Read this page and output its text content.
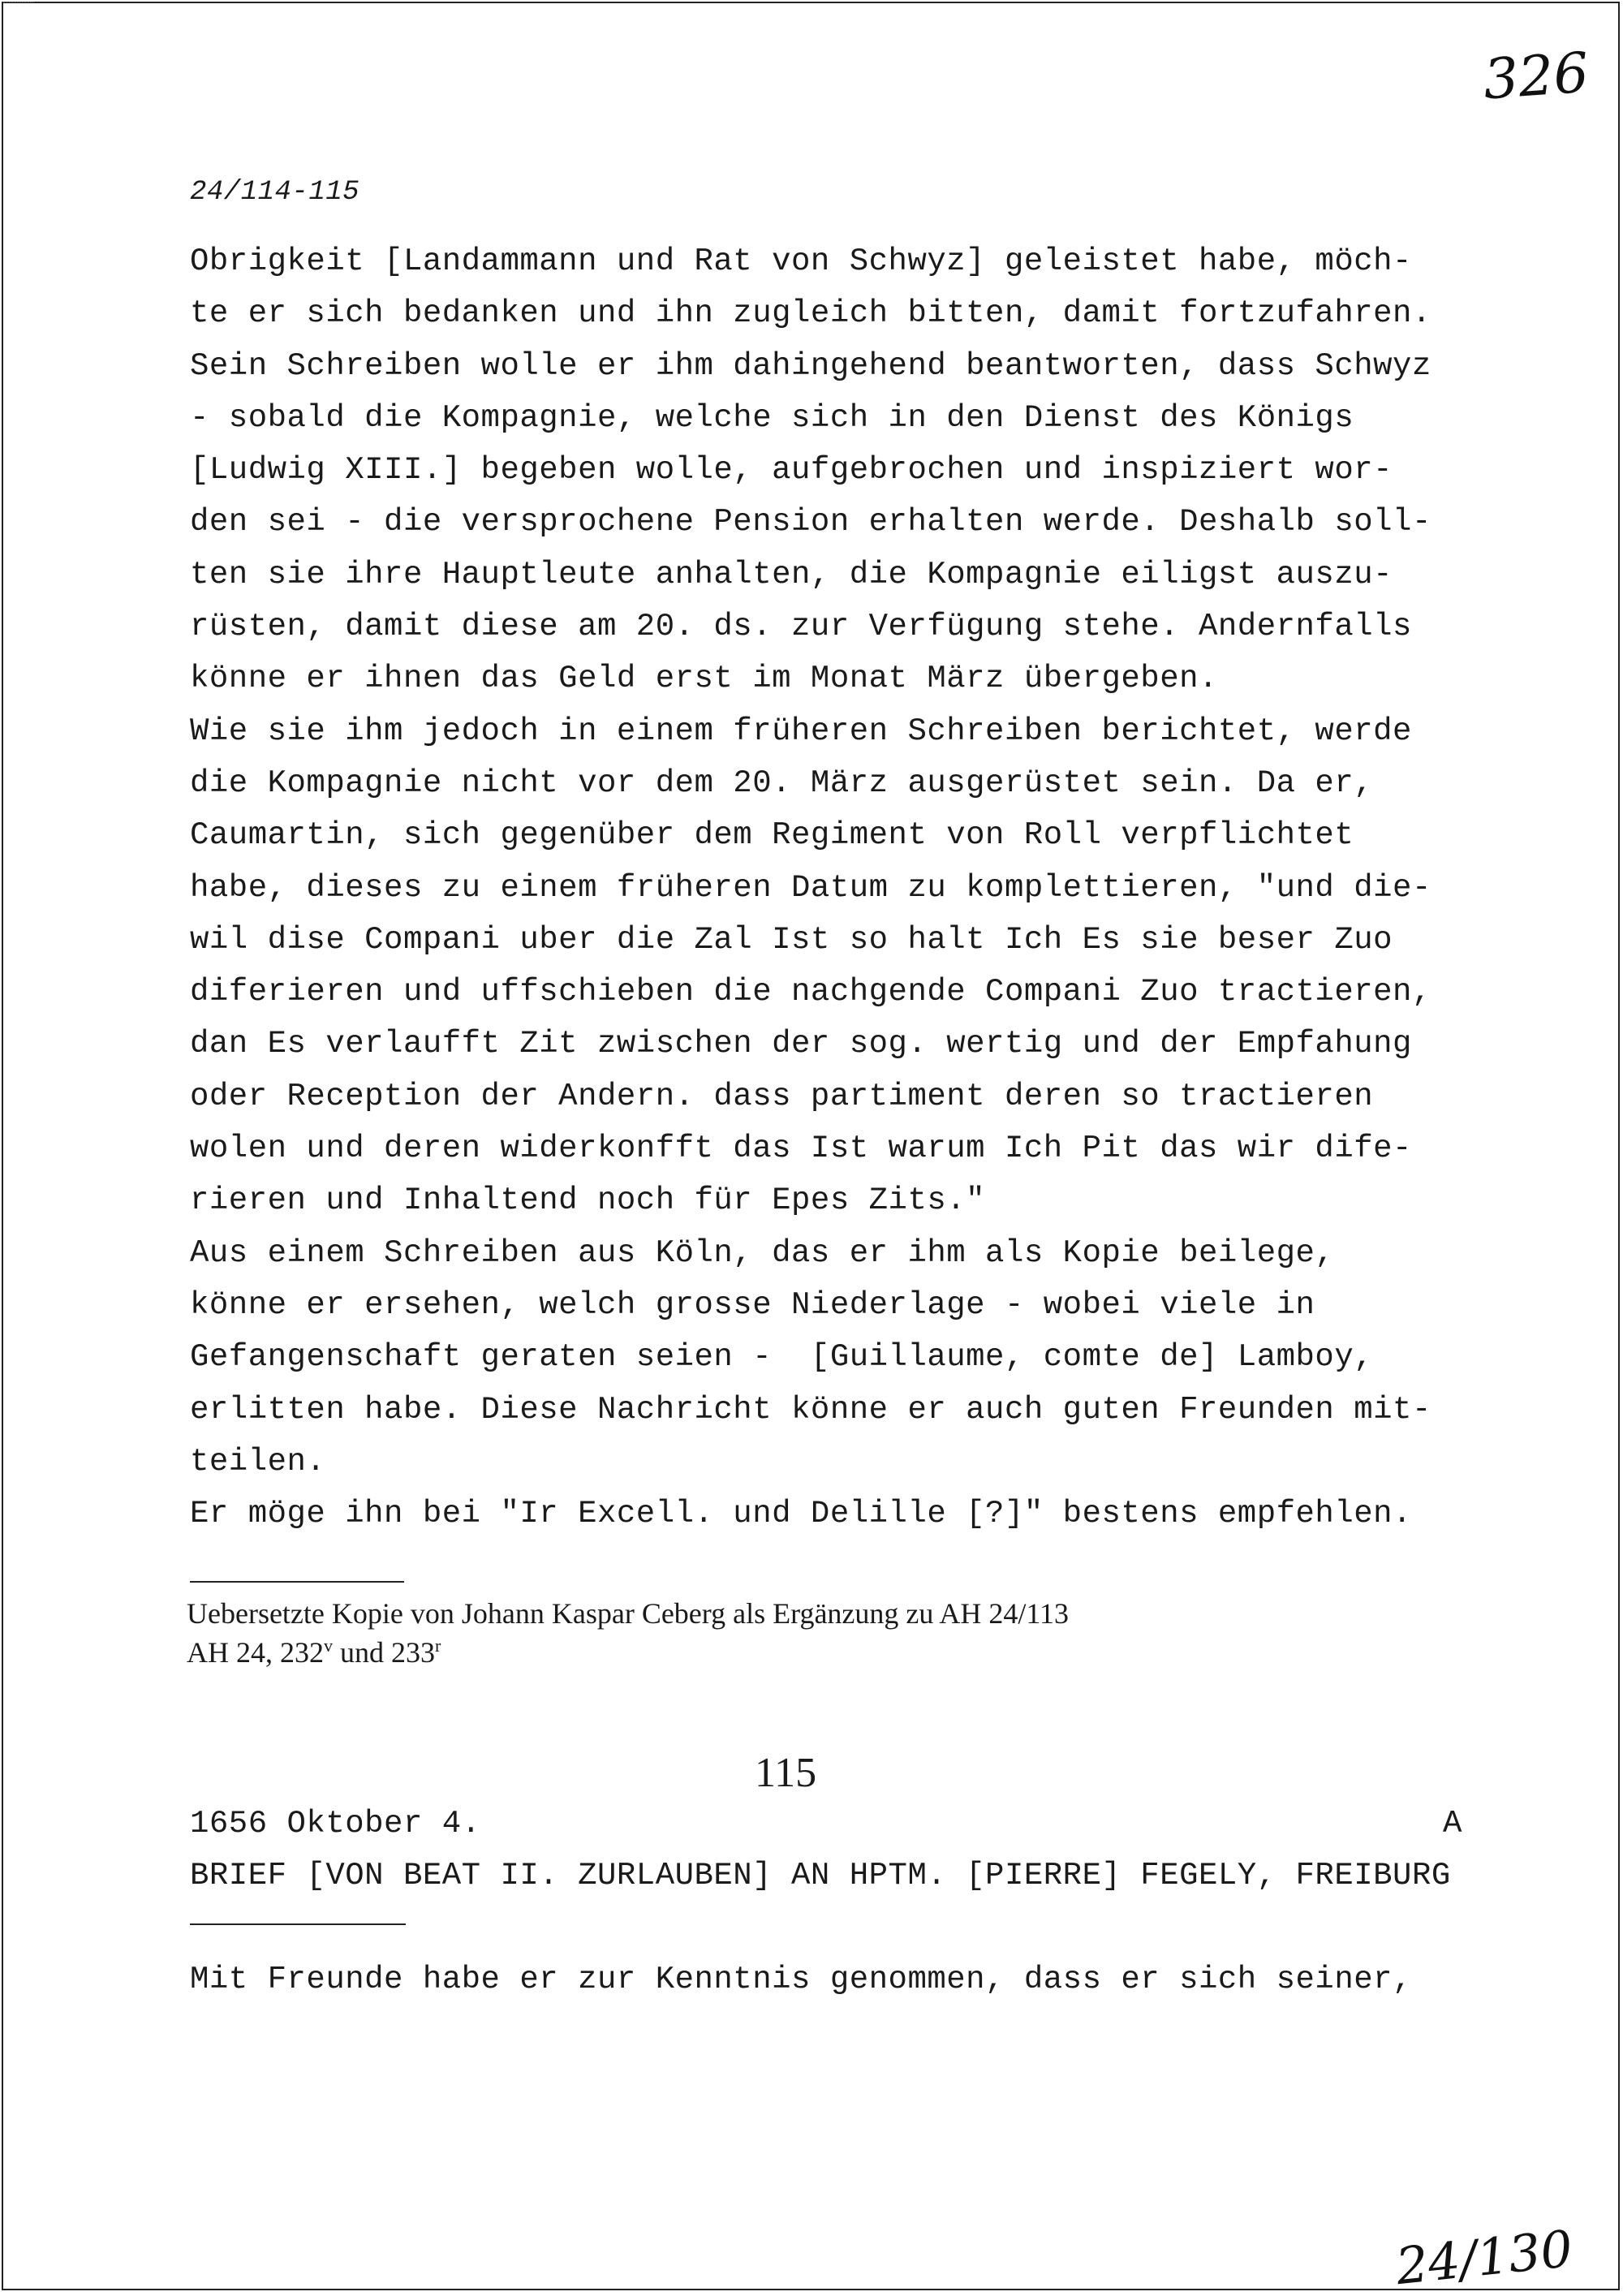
326
24/114-115
Obrigkeit [Landammann und Rat von Schwyz] geleistet habe, möch-
te er sich bedanken und ihn zugleich bitten, damit fortzufahren.
Sein Schreiben wolle er ihm dahingehend beantworten, dass Schwyz
- sobald die Kompagnie, welche sich in den Dienst des Königs
[Ludwig XIII.] begeben wolle, aufgebrochen und inspiziert wor-
den sei - die versprochene Pension erhalten werde. Deshalb soll-
ten sie ihre Hauptleute anhalten, die Kompagnie eiligst auszu-
rüsten, damit diese am 20. ds. zur Verfügung stehe. Andernfalls
könne er ihnen das Geld erst im Monat März übergeben.
Wie sie ihm jedoch in einem früheren Schreiben berichtet, werde
die Kompagnie nicht vor dem 20. März ausgerüstet sein. Da er,
Caumartin, sich gegenüber dem Regiment von Roll verpflichtet
habe, dieses zu einem früheren Datum zu komplettieren, "und die-
wil dise Compani uber die Zal Ist so halt Ich Es sie beser Zuo
diferieren und uffschieben die nachgende Compani Zuo tractieren,
dan Es verlaufft Zit zwischen der sog. wertig und der Empfahung
oder Reception der Andern. dass partiment deren so tractieren
wolen und deren widerkonfft das Ist warum Ich Pit das wir dife-
rieren und Inhaltend noch für Epes Zits."
Aus einem Schreiben aus Köln, das er ihm als Kopie beilege,
könne er ersehen, welch grosse Niederlage - wobei viele in
Gefangenschaft geraten seien -  [Guillaume, comte de] Lamboy,
erlitten habe. Diese Nachricht könne er auch guten Freunden mit-
teilen.
Er möge ihn bei "Ir Excell. und Delille [?]" bestens empfehlen.
Uebersetzte Kopie von Johann Kaspar Ceberg als Ergänzung zu AH 24/113
AH 24, 232$^v$ und 233$^r$
115
1656 Oktober 4.	A
BRIEF [VON BEAT II. ZURLAUBEN] AN HPTM. [PIERRE] FEGELY, FREIBURG
Mit Freunde habe er zur Kenntnis genommen, dass er sich seiner,
24/130
